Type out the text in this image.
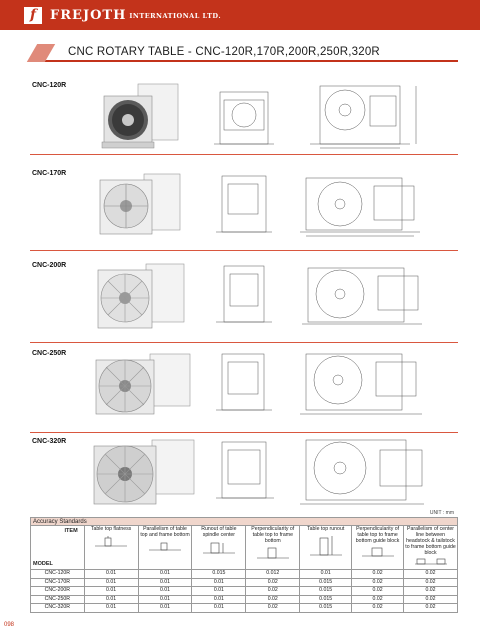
f	FREJOTH INTERNATIONAL LTD.
CNC ROTARY TABLE - CNC-120R,170R,200R,250R,320R
CNC-120R
CNC-170R
CNC-200R
CNC-250R
CNC-320R
UNIT : mm
Accuracy Standards							

ITEM
MODEL	Table top flatness	Parallelism of table top and frame bottom	Runout of table spindle center	Perpendicularity of table top to frame bottom	Table top runout	Perpendicularity of table top to frame bottom guide block	Parallelism of center line between headstock & tailstock to frame bottom guide block

CNC-120R	0.01	0.01	0.015	0.012	0.01	0.02	0.02
CNC-170R	0.01	0.01	0.01	0.02	0.015	0.02	0.02
CNC-200R	0.01	0.01	0.01	0.02	0.015	0.02	0.02
CNC-250R	0.01	0.01	0.01	0.02	0.015	0.02	0.02
CNC-320R	0.01	0.01	0.01	0.02	0.015	0.02	0.02
098
